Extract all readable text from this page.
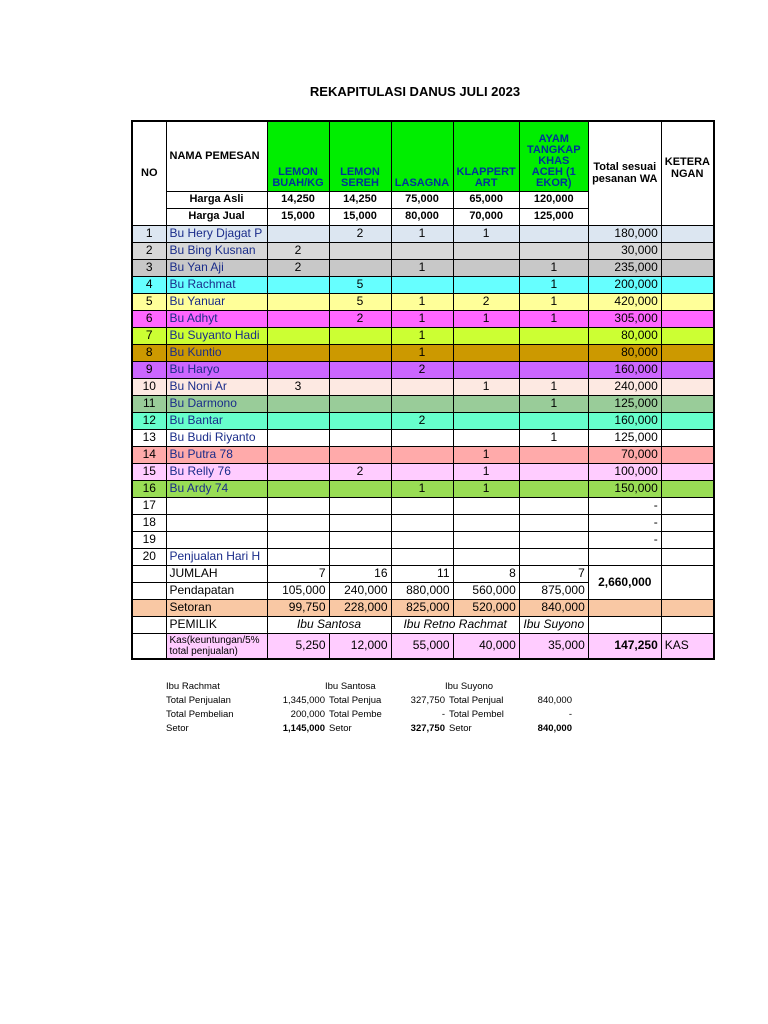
REKAPITULASI DANUS JULI 2023
NO	NAMA PEMESAN	LEMON BUAH/KG	LEMON SEREH	LASAGNA	KLAPPERT ART	AYAM TANGKAP KHAS ACEH (1 EKOR)	Total sesuai pesanan WA	KETERA NGAN
	Harga Asli	14,250	14,250	75,000	65,000	120,000		
	Harga Jual	15,000	15,000	80,000	70,000	125,000		
1	Bu Hery Djagat P		2	1	1		180,000	
2	Bu Bing Kusnan	2					30,000	
3	Bu Yan Aji	2		1		1	235,000	
4	Bu Rachmat		5			1	200,000	
5	Bu Yanuar		5	1	2	1	420,000	
6	Bu Adhyt		2	1	1	1	305,000	
7	Bu Suyanto Hadi			1			80,000	
8	Bu Kuntio			1			80,000	
9	Bu Haryo			2			160,000	
10	Bu Noni Ar	3			1	1	240,000	
11	Bu Darmono					1	125,000	
12	Bu Bantar			2			160,000	
13	Bu Budi Riyanto					1	125,000	
14	Bu Putra 78				1		70,000	
15	Bu Relly 76		2		1		100,000	
16	Bu Ardy 74			1	1		150,000	
17							-	
18							-	
19							-	
20	Penjualan Hari H							
	JUMLAH	7	16	11	8	7	2,660,000	
	Pendapatan	105,000	240,000	880,000	560,000	875,000		
	Setoran	99,750	228,000	825,000	520,000	840,000		
	PEMILIK	Ibu Santosa		Ibu Retno Rachmat		Ibu Suyono		
	Kas(keuntungan/5% total penjualan)	5,250	12,000	55,000	40,000	35,000	147,250	KAS
Ibu Rachmat		Ibu Santosa		Ibu Suyono	
Total Penjualan	1,345,000	Total Penjua	327,750	Total Penjual	840,000
Total Pembelian	200,000	Total Pembe	-	Total Pembel	-
Setor	1,145,000	Setor	327,750	Setor	840,000
